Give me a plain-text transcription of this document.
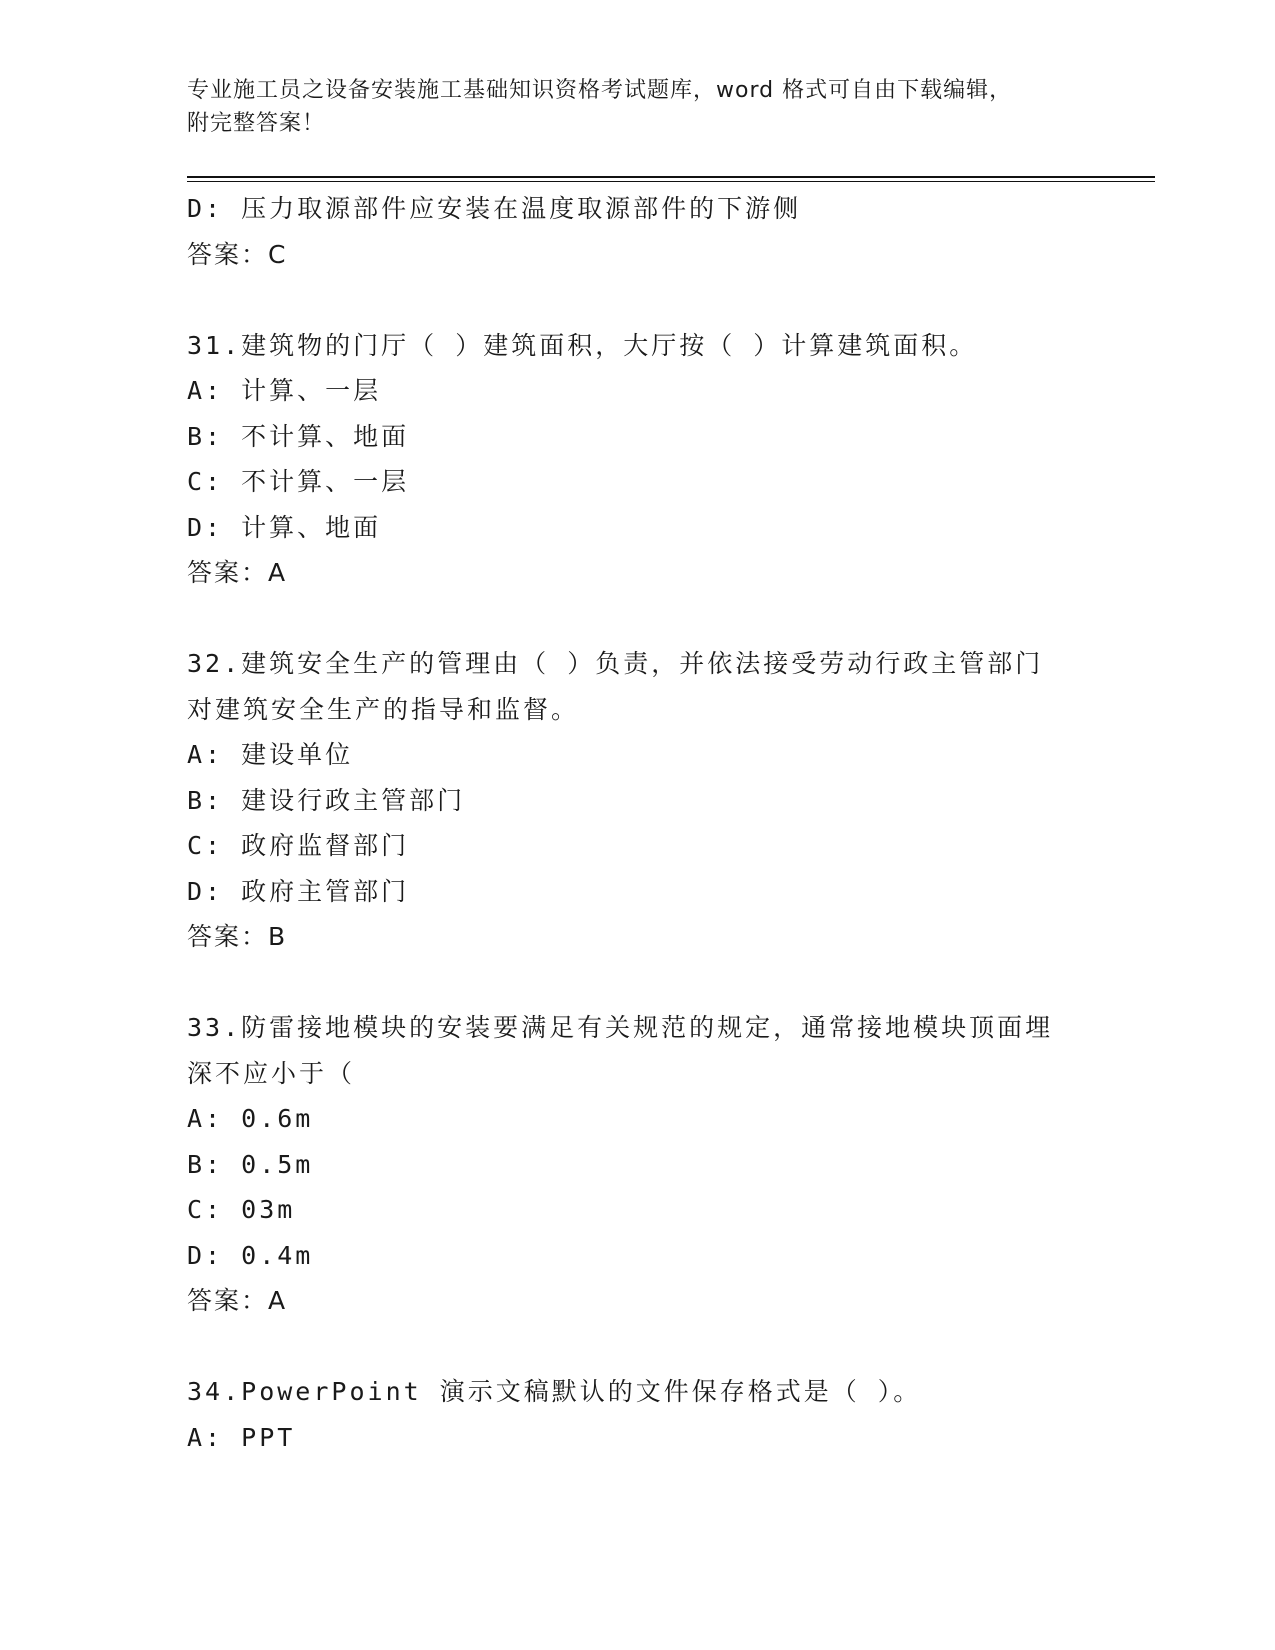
专业施工员之设备安装施工基础知识资格考试题库，word 格式可自由下载编辑，
附完整答案！
D: 压力取源部件应安装在温度取源部件的下游侧
答案：C
31.建筑物的门厅（ ）建筑面积，大厅按（ ）计算建筑面积。
A: 计算、一层
B: 不计算、地面
C: 不计算、一层
D: 计算、地面
答案：A
32.建筑安全生产的管理由（ ）负责，并依法接受劳动行政主管部门
对建筑安全生产的指导和监督。
A: 建设单位
B: 建设行政主管部门
C: 政府监督部门
D: 政府主管部门
答案：B
33.防雷接地模块的安装要满足有关规范的规定，通常接地模块顶面埋
深不应小于（
A: 0.6m
B: 0.5m
C: 03m
D: 0.4m
答案：A
34.PowerPoint 演示文稿默认的文件保存格式是（ ）。
A: PPT
